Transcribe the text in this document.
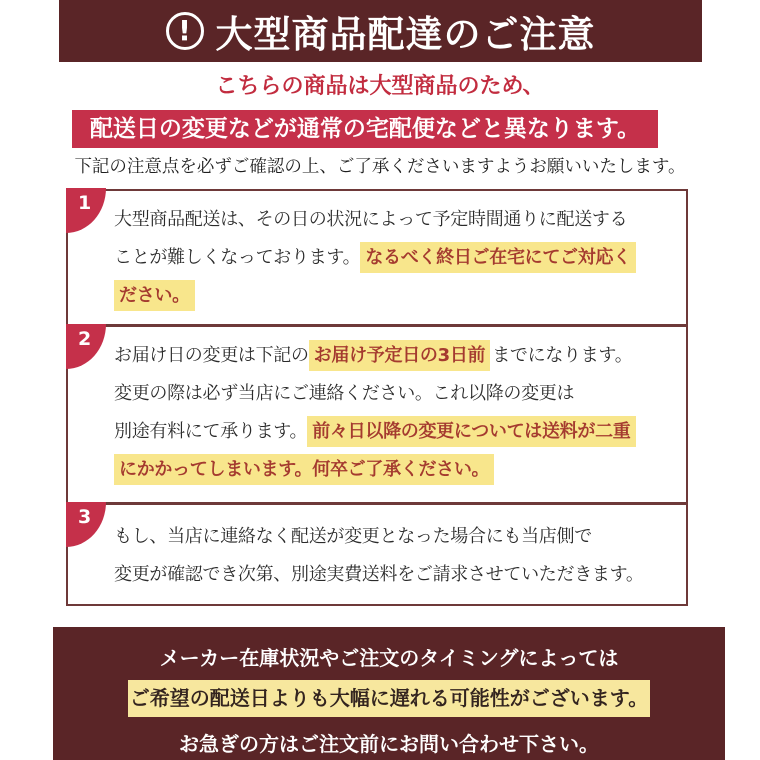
! 大型商品配達のご注意

こちらの商品は大型商品のため、

配送日の変更などが通常の宅配便などと異なります。

下記の注意点を必ずご確認の上、ご了承くださいますようお願いいたします。

1

大型商品配送は、その日の状況によって予定時間通りに配送する

ことが難しくなっております。 なるべく終日ご在宅にてご対応く

ださい。

2

お届け日の変更は下記の お届け予定日の3日前 までになります。

変更の際は必ず当店にご連絡ください。これ以降の変更は

別途有料にて承ります。 前々日以降の変更については送料が二重

にかかってしまいます。何卒ご了承ください。

3

もし、当店に連絡なく配送が変更となった場合にも当店側で

変更が確認でき次第、別途実費送料をご請求させていただきます。

メーカー在庫状況やご注文のタイミングによっては

ご希望の配送日よりも大幅に遅れる可能性がございます。

お急ぎの方はご注文前にお問い合わせ下さい。
